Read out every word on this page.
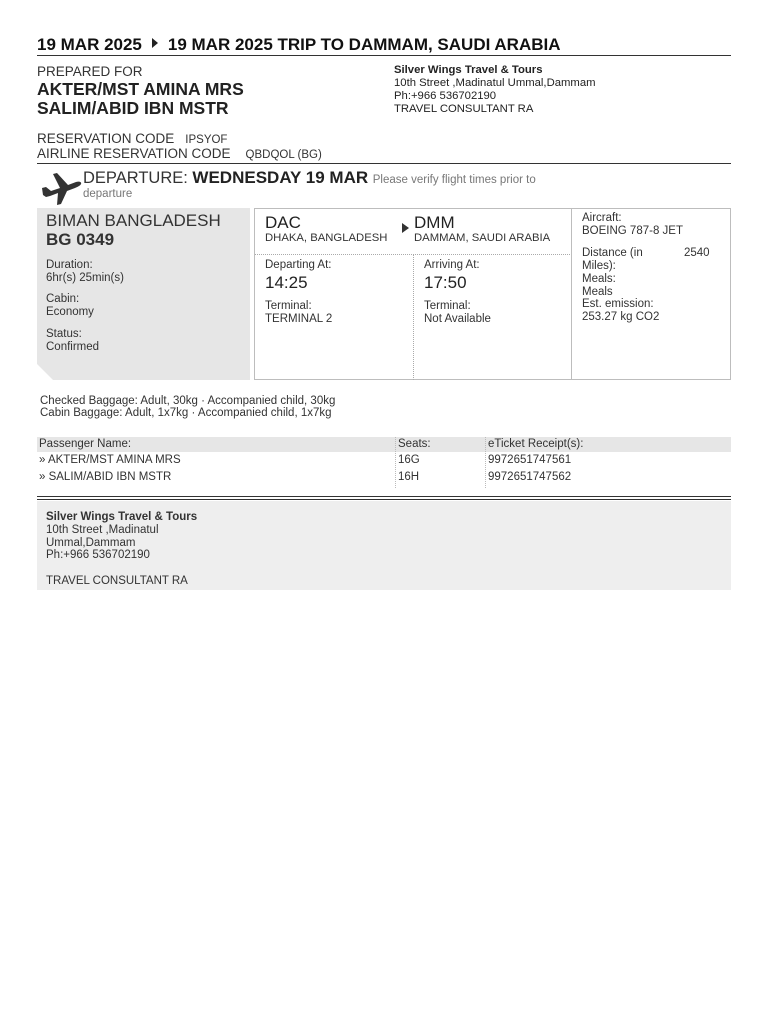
19 MAR 2025 19 MAR 2025 TRIP TO DAMMAM, SAUDI ARABIA
PREPARED FOR
AKTER/MST AMINA MRS
SALIM/ABID IBN MSTR
Silver Wings Travel & Tours
10th Street ,Madinatul Ummal,Dammam
Ph:+966 536702190
TRAVEL CONSULTANT RA
RESERVATION CODE IPSYOF
AIRLINE RESERVATION CODE QBDQOL (BG)
DEPARTURE: WEDNESDAY 19 MAR Please verify flight times prior to
departure
BIMAN BANGLADESH
BG 0349
Duration:
6hr(s) 25min(s)
Cabin:
Economy
Status:
Confirmed
DAC
DHAKA, BANGLADESH
DMM
DAMMAM, SAUDI ARABIA
Departing At:
14:25
Terminal:
TERMINAL 2
Arriving At:
17:50
Terminal:
Not Available
Aircraft:
BOEING 787-8 JET
Distance (in
Miles):
2540
Meals:
Meals
Est. emission:
253.27 kg CO2
Checked Baggage: Adult, 30kg · Accompanied child, 30kg
Cabin Baggage: Adult, 1x7kg · Accompanied child, 1x7kg
Passenger Name:	Seats:	eTicket Receipt(s):
» AKTER/MST AMINA MRS	16G	9972651747561
» SALIM/ABID IBN MSTR	16H	9972651747562
Silver Wings Travel & Tours
10th Street ,Madinatul
Ummal,Dammam
Ph:+966 536702190
TRAVEL CONSULTANT RA
